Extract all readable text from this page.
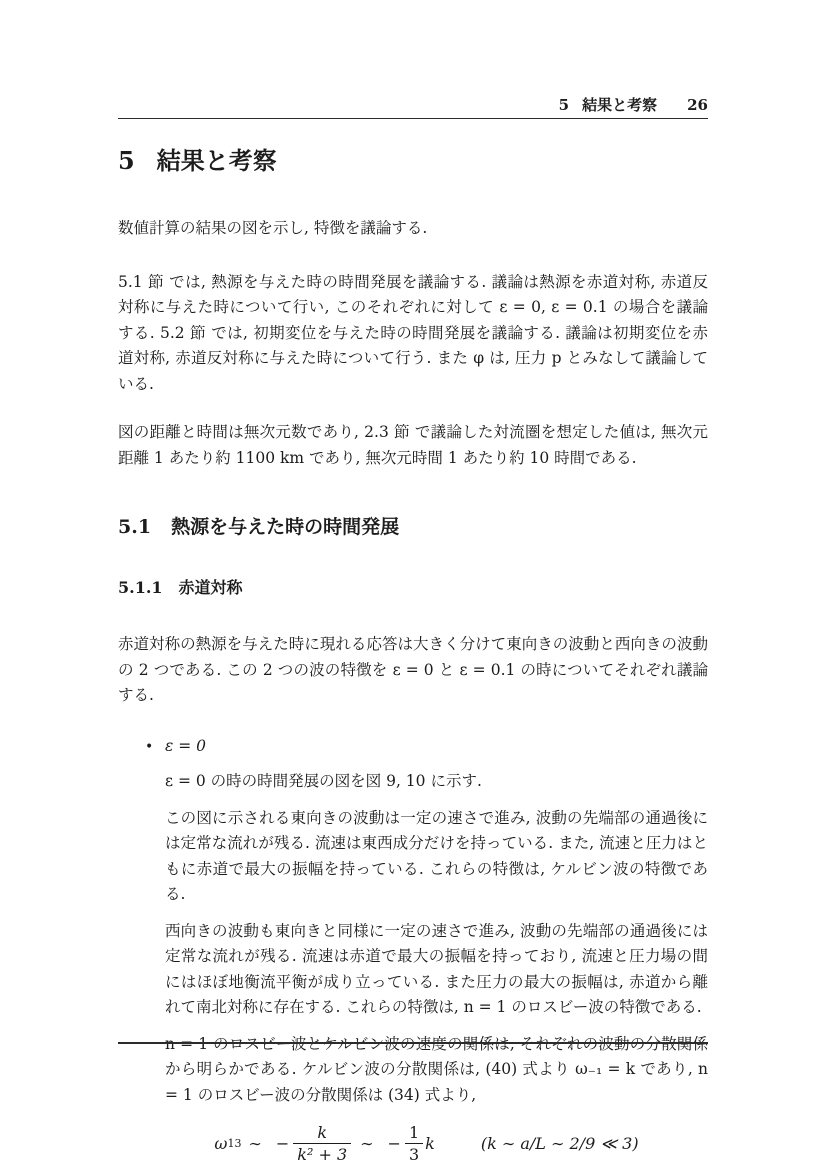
5 結果と考察 26
5 結果と考察
数値計算の結果の図を示し, 特徴を議論する.
5.1 節 では, 熱源を与えた時の時間発展を議論する. 議論は熱源を赤道対称, 赤道反対称に与えた時について行い, このそれぞれに対して ε = 0, ε = 0.1 の場合を議論する. 5.2 節 では, 初期変位を与えた時の時間発展を議論する. 議論は初期変位を赤道対称, 赤道反対称に与えた時について行う. また φ は, 圧力 p とみなして議論している.
図の距離と時間は無次元数であり, 2.3 節 で議論した対流圏を想定した値は, 無次元距離 1 あたり約 1100 km であり, 無次元時間 1 あたり約 10 時間である.
5.1 熱源を与えた時の時間発展
5.1.1 赤道対称
赤道対称の熱源を与えた時に現れる応答は大きく分けて東向きの波動と西向きの波動の 2 つである. この 2 つの波の特徴を ε = 0 と ε = 0.1 の時についてそれぞれ議論する.
• ε = 0
ε = 0 の時の時間発展の図を図 9, 10 に示す.
この図に示される東向きの波動は一定の速さで進み, 波動の先端部の通過後には定常な流れが残る. 流速は東西成分だけを持っている. また, 流速と圧力はともに赤道で最大の振幅を持っている. これらの特徴は, ケルビン波の特徴である.
西向きの波動も東向きと同様に一定の速さで進み, 波動の先端部の通過後には定常な流れが残る. 流速は赤道で最大の振幅を持っており, 流速と圧力場の間にはほぼ地衡流平衡が成り立っている. また圧力の最大の振幅は, 赤道から離れて南北対称に存在する. これらの特徴は, n = 1 のロスビー波の特徴である.
n = 1 のロスビー波とケルビン波の速度の関係は, それぞれの波動の分散関係から明らかである. ケルビン波の分散関係は, (40) 式より ω₋₁ = k であり, n = 1 のロスビー波の分散関係は (34) 式より,
ω 13 ∼ − $\frac{k}{\text{k² + 3}}$ ∼ − $\frac{1}{3}$ k	(k ∼ a/L ∼ 2/9 ≪ 3)
